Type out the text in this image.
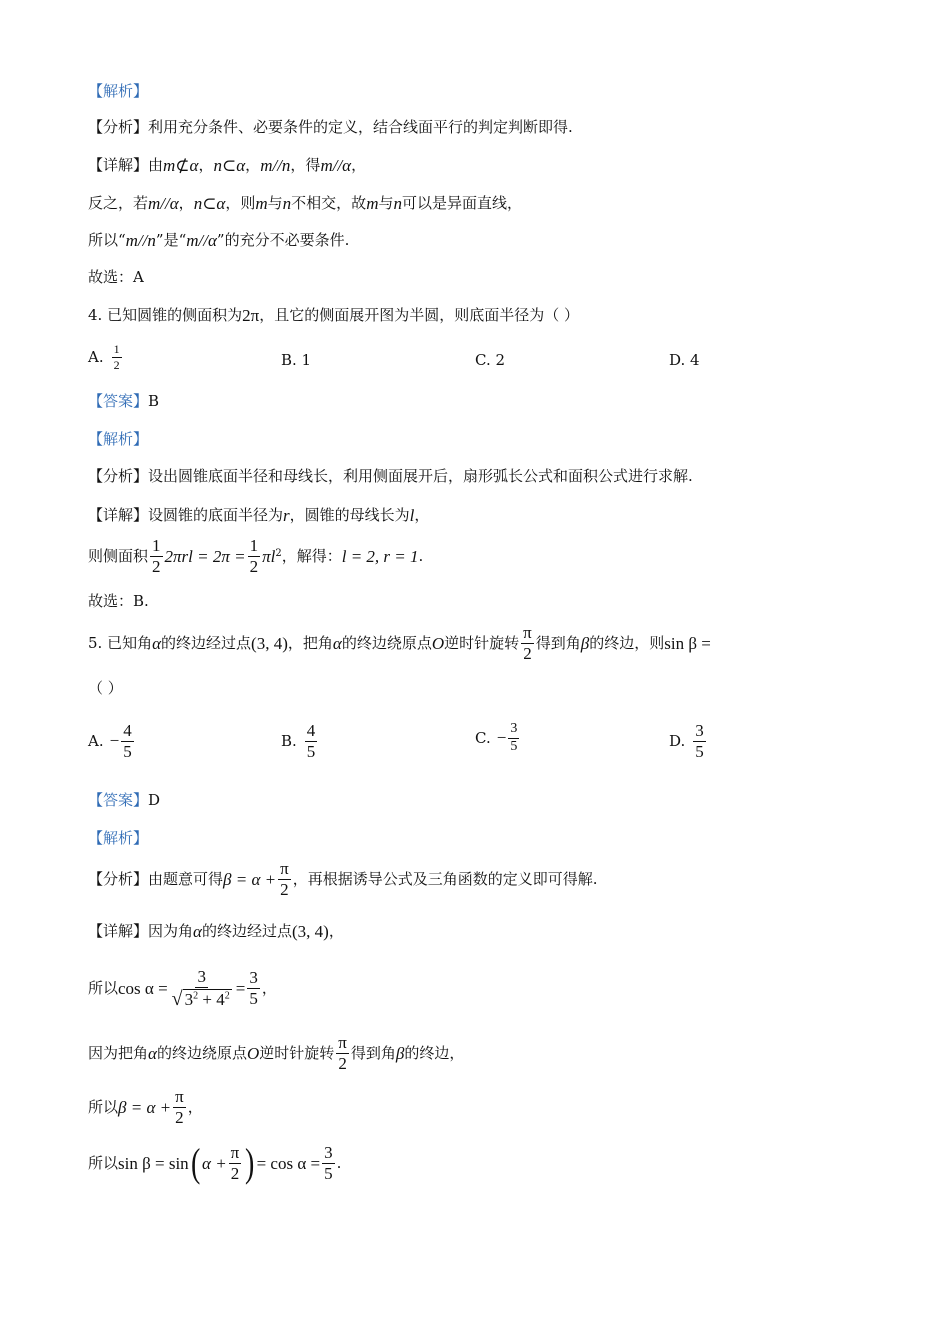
【解析】
【分析】 利用充分条件、必要条件的定义，结合线面平行的判定判断即得.
【详解】 由 m⊄α ， n⊂α ， m//n ，得 m//α ，
反之，若 m//α ， n⊂α ，则 m 与 n 不相交，故 m 与 n 可以是异面直线，
所以“ m//n ”是“ m//α ”的充分不必要条件.
故选：A
4. 已知圆锥的侧面积为 2π ，且它的侧面展开图为半圆，则底面半径为（ ）
A. $\frac{1}{2}$	B. 1	C. 2	D. 4
【答案】 B
【解析】
【分析】 设出圆锥底面半径和母线长，利用侧面展开后，扇形弧长公式和面积公式进行求解.
【详解】 设圆锥的底面半径为 r ，圆锥的母线长为 l ，
则侧面积 $\frac{1}{2} 2\pi rl = 2\pi = \frac{1}{2}$ πl 2 ，解得： l = 2, r = 1 .
故选：B.
5. 已知角 α 的终边经过点 (3, 4) ，把角 α 的终边绕原点 O 逆时针旋转 $\frac{\pi}{2}$ 得到角 β 的终边，则 sin β =
（ ）
A. − $\frac{4}{5}$	B. $\frac{4}{5}$	C. − $\frac{3}{5}$	D. $\frac{3}{5}$
【答案】 D
【解析】
【分析】 由题意可得 $\beta = \alpha + \frac{\pi}{2}$ ，再根据诱导公式及三角函数的定义即可得解.
【详解】 因为角 α 的终边经过点 (3, 4) ，
所以 $\cos \alpha = \frac{3}{√ 3^2 + 4^2} = \frac{3}{5}$ ，
因为把角 α 的终边绕原点 O 逆时针旋转 $\frac{\pi}{2}$ 得到角 β 的终边，
所以 $\beta = \alpha + \frac{\pi}{2}$ ，
所以 sin β = sin ( $\alpha + \frac{\pi}{2}$ ) = $\cos \alpha = \frac{3}{5}$ .
